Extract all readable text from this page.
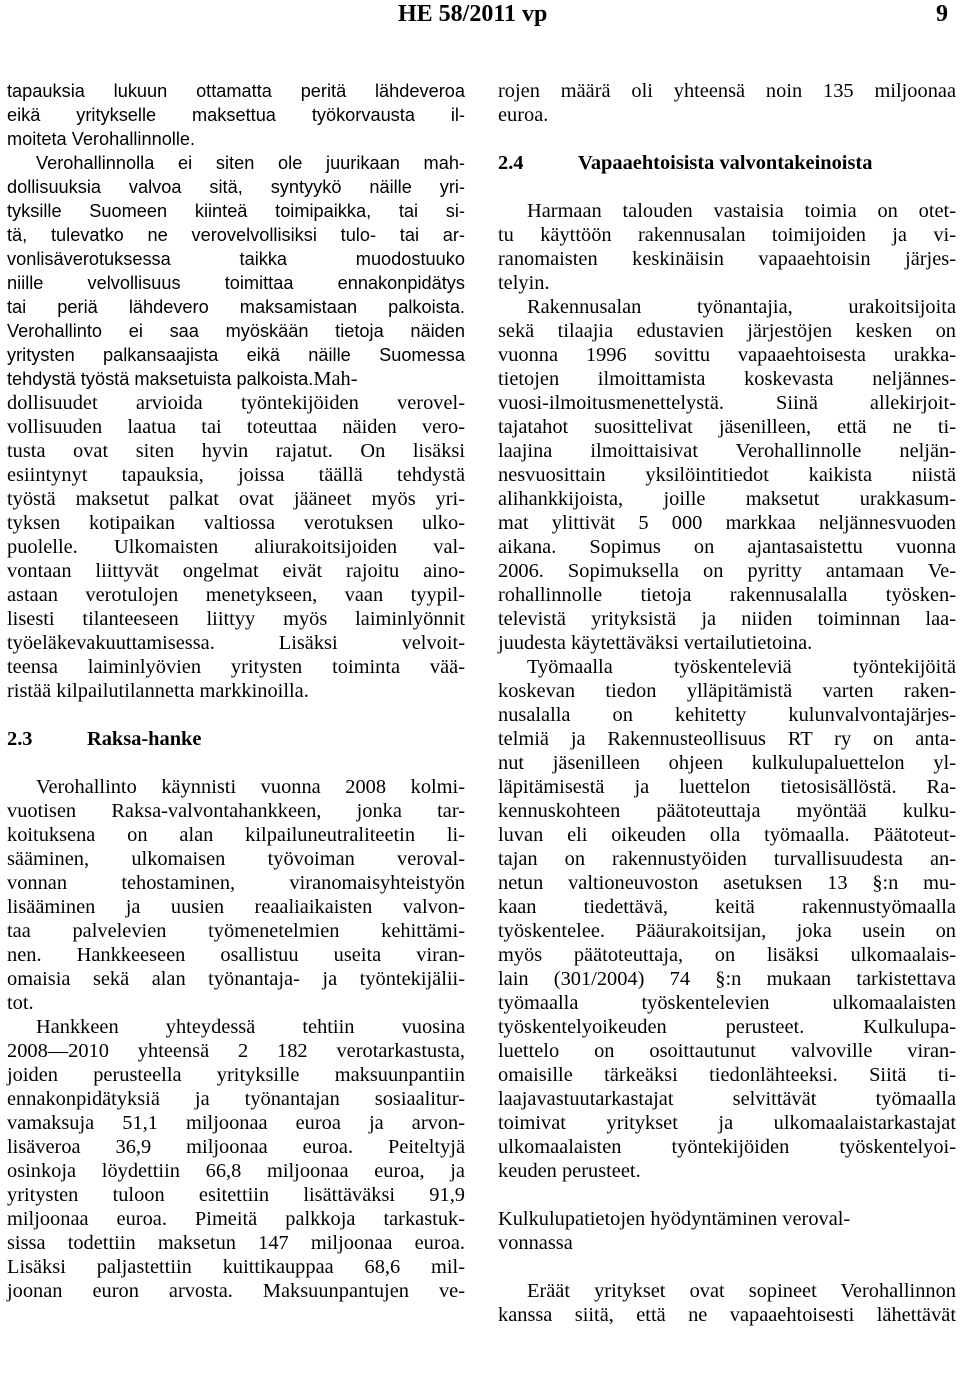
HE 58/2011 vp	9
tapauksia lukuun ottamatta peritä lähdeveroa
eikä yritykselle maksettua työkorvausta il-
moiteta Verohallinnolle.
Verohallinnolla ei siten ole juurikaan mah-
dollisuuksia valvoa sitä, syntyykö näille yri-
tyksille Suomeen kiinteä toimipaikka, tai si-
tä, tulevatko ne verovelvollisiksi tulo- tai ar-
vonlisäverotuksessa taikka muodostuuko
niille velvollisuus toimittaa ennakonpidätys
tai periä lähdevero maksamistaan palkoista.
Verohallinto ei saa myöskään tietoja näiden
yritysten palkansaajista eikä näille Suomessa
tehdystä työstä maksetuista palkoista.Mah-
dollisuudet arvioida työntekijöiden verovel-
vollisuuden laatua tai toteuttaa näiden vero-
tusta ovat siten hyvin rajatut. On lisäksi
esiintynyt tapauksia, joissa täällä tehdystä
työstä maksetut palkat ovat jääneet myös yri-
tyksen kotipaikan valtiossa verotuksen ulko-
puolelle. Ulkomaisten aliurakoitsijoiden val-
vontaan liittyvät ongelmat eivät rajoitu aino-
astaan verotulojen menetykseen, vaan tyypil-
lisesti tilanteeseen liittyy myös laiminlyönnit
työeläkevakuuttamisessa. Lisäksi velvoit-
teensa laiminlyövien yritysten toiminta vää-
ristää kilpailutilannetta markkinoilla.
2.3	Raksa-hanke
Verohallinto käynnisti vuonna 2008 kolmi-
vuotisen Raksa-valvontahankkeen, jonka tar-
koituksena on alan kilpailuneutraliteetin li-
sääminen, ulkomaisen työvoiman veroval-
vonnan tehostaminen, viranomaisyhteistyön
lisääminen ja uusien reaaliaikaisten valvon-
taa palvelevien työmenetelmien kehittämi-
nen. Hankkeeseen osallistuu useita viran-
omaisia sekä alan työnantaja- ja työntekijälii-
tot.
Hankkeen yhteydessä tehtiin vuosina
2008—2010 yhteensä 2 182 verotarkastusta,
joiden perusteella yrityksille maksuunpantiin
ennakonpidätyksiä ja työnantajan sosiaalitur-
vamaksuja 51,1 miljoonaa euroa ja arvon-
lisäveroa 36,9 miljoonaa euroa. Peiteltyjä
osinkoja löydettiin 66,8 miljoonaa euroa, ja
yritysten tuloon esitettiin lisättäväksi 91,9
miljoonaa euroa. Pimeitä palkkoja tarkastuk-
sissa todettiin maksetun 147 miljoonaa euroa.
Lisäksi paljastettiin kuittikauppaa 68,6 mil-
joonan euron arvosta. Maksuunpantujen ve-
rojen määrä oli yhteensä noin 135 miljoonaa
euroa.
2.4	Vapaaehtoisista valvontakeinoista
Harmaan talouden vastaisia toimia on otet-
tu käyttöön rakennusalan toimijoiden ja vi-
ranomaisten keskinäisin vapaaehtoisin järjes-
telyin.
Rakennusalan työnantajia, urakoitsijoita
sekä tilaajia edustavien järjestöjen kesken on
vuonna 1996 sovittu vapaaehtoisesta urakka-
tietojen ilmoittamista koskevasta neljännes-
vuosi-ilmoitusmenettelystä. Siinä allekirjoit-
tajatahot suosittelivat jäsenilleen, että ne ti-
laajina ilmoittaisivat Verohallinnolle neljän-
nesvuosittain yksilöintitiedot kaikista niistä
alihankkijoista, joille maksetut urakkasum-
mat ylittivät 5 000 markkaa neljännesvuoden
aikana. Sopimus on ajantasaistettu vuonna
2006. Sopimuksella on pyritty antamaan Ve-
rohallinnolle tietoja rakennusalalla työsken-
televistä yrityksistä ja niiden toiminnan laa-
juudesta käytettäväksi vertailutietoina.
Työmaalla työskenteleviä työntekijöitä
koskevan tiedon ylläpitämistä varten raken-
nusalalla on kehitetty kulunvalvontajärjes-
telmiä ja Rakennusteollisuus RT ry on anta-
nut jäsenilleen ohjeen kulkulupaluettelon yl-
läpitämisestä ja luettelon tietosisällöstä. Ra-
kennuskohteen päätoteuttaja myöntää kulku-
luvan eli oikeuden olla työmaalla. Päätoteut-
tajan on rakennustyöiden turvallisuudesta an-
netun valtioneuvoston asetuksen 13 §:n mu-
kaan tiedettävä, keitä rakennustyömaalla
työskentelee. Pääurakoitsijan, joka usein on
myös päätoteuttaja, on lisäksi ulkomaalais-
lain (301/2004) 74 §:n mukaan tarkistettava
työmaalla työskentelevien ulkomaalaisten
työskentelyoikeuden perusteet. Kulkulupa-
luettelo on osoittautunut valvoville viran-
omaisille tärkeäksi tiedonlähteeksi. Siitä ti-
laajavastuutarkastajat selvittävät työmaalla
toimivat yritykset ja ulkomaalaistarkastajat
ulkomaalaisten työntekijöiden työskentelyoi-
keuden perusteet.
Kulkulupatietojen hyödyntäminen veroval-
vonnassa
Eräät yritykset ovat sopineet Verohallinnon
kanssa siitä, että ne vapaaehtoisesti lähettävät
